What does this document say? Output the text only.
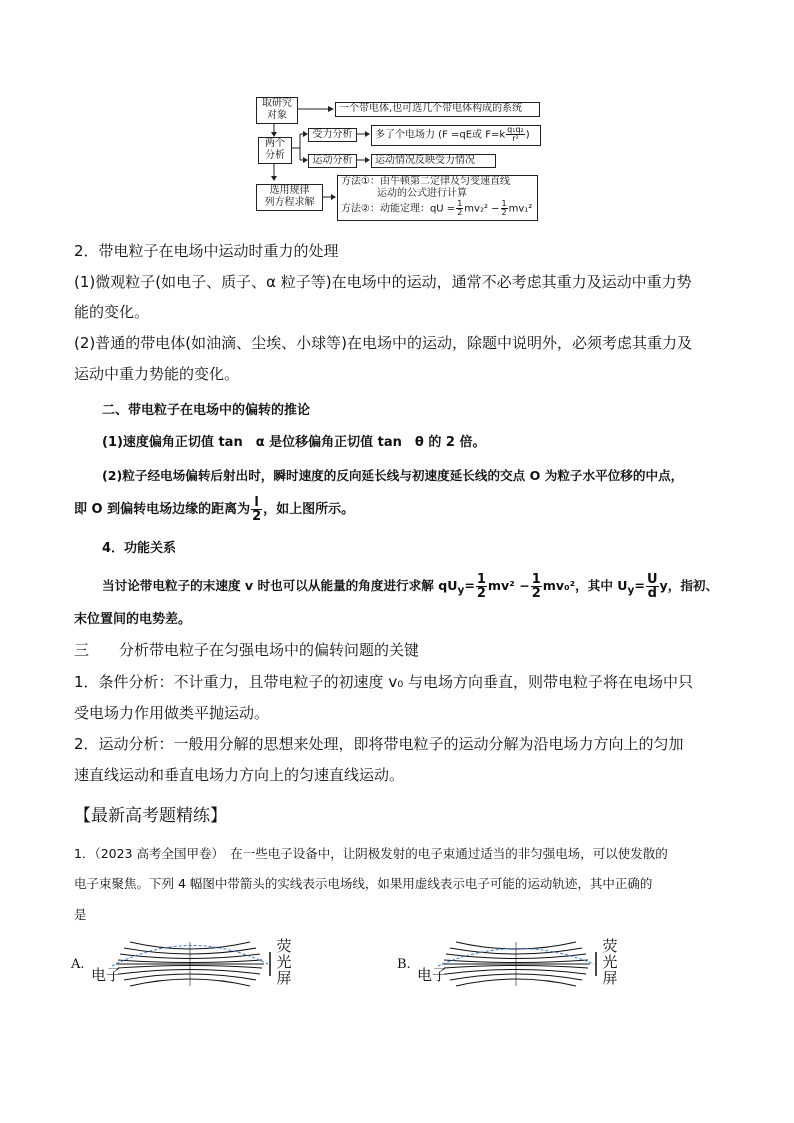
取研究
对象
一个带电体,也可选几个带电体构成的系统
两个
分析
受力分析	多了个电场力 (F =qE或 $F=k \frac{\text{q₁q₂}}{\text{r²}}$ )
运动分析	运动情况反映受力情况
选用规律
列方程求解
方法①：由牛顿第二定律及匀变速直线
运动的公式进行计算
方法②：动能定理：qU = $\frac{1}{2} mv_2^2 - \frac{1}{2} mv_1^2$
2．带电粒子在电场中运动时重力的处理
(1)微观粒子(如电子、质子、α 粒子等)在电场中的运动，通常不必考虑其重力及运动中重力势
能的变化。
(2)普通的带电体(如油滴、尘埃、小球等)在电场中的运动，除题中说明外，必须考虑其重力及
运动中重力势能的变化。
二、带电粒子在电场中的偏转的推论
(1)速度偏角正切值 tan　α 是位移偏角正切值 tan　θ 的 2 倍。
(2)粒子经电场偏转后射出时，瞬时速度的反向延长线与初速度延长线的交点 O 为粒子水平位移的中点，
即 O 到偏转电场边缘的距离为 $\frac{l}{2}$ ，如上图所示。
4．功能关系
当讨论带电粒子的末速度 v 时也可以从能量的角度进行求解 $qU_y= \frac{1}{2} mv^2 - \frac{1}{2} mv_0^2$，其中 $U_y= \frac{U}{d}$ y，指初、
末位置间的电势差。
三　　分析带电粒子在匀强电场中的偏转问题的关键
1．条件分析：不计重力，且带电粒子的初速度 v₀ 与电场方向垂直，则带电粒子将在电场中只
受电场力作用做类平抛运动。
2．运动分析：一般用分解的思想来处理，即将带电粒子的运动分解为沿电场力方向上的匀加
速直线运动和垂直电场力方向上的匀速直线运动。
【最新高考题精练】
1．（2023 高考全国甲卷）　在一些电子设备中，让阴极发射的电子束通过适当的非匀强电场，可以使发散的
电子束聚焦。下列 4 幅图中带箭头的实线表示电场线，如果用虚线表示电子可能的运动轨迹，其中正确的
是
A.
电子
荧
光
屏
B.
电子
荧
光
屏
